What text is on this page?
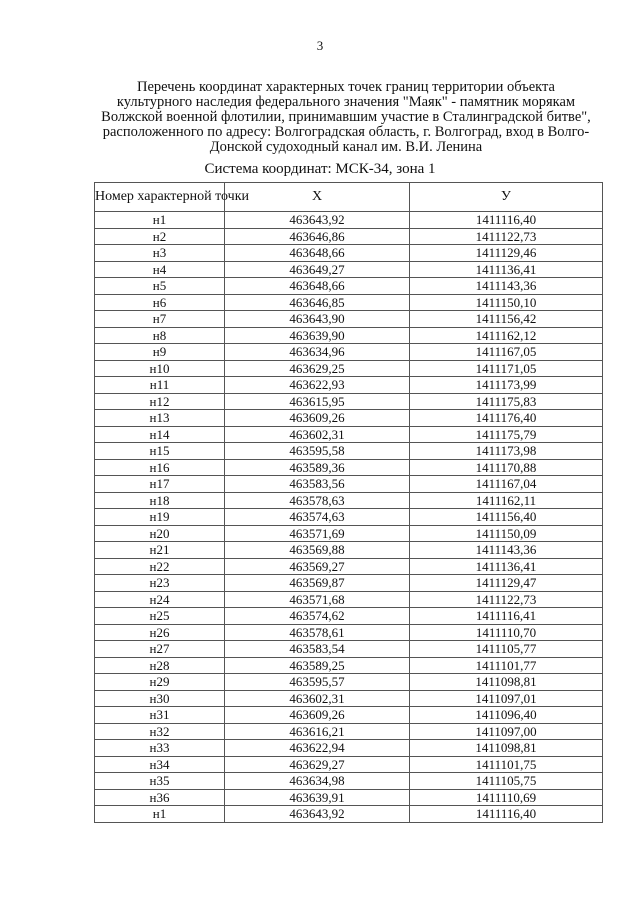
3
Перечень координат характерных точек границ территории объекта
культурного наследия федерального значения "Маяк" - памятник морякам
Волжской военной флотилии, принимавшим участие в Сталинградской битве",
расположенного по адресу: Волгоградская область, г. Волгоград, вход в Волго-
Донской судоходный канал им. В.И. Ленина
Система координат: МСК-34, зона 1
Номер характерной точки	X	У
н1	463643,92	1411116,40
н2	463646,86	1411122,73
н3	463648,66	1411129,46
н4	463649,27	1411136,41
н5	463648,66	1411143,36
н6	463646,85	1411150,10
н7	463643,90	1411156,42
н8	463639,90	1411162,12
н9	463634,96	1411167,05
н10	463629,25	1411171,05
н11	463622,93	1411173,99
н12	463615,95	1411175,83
н13	463609,26	1411176,40
н14	463602,31	1411175,79
н15	463595,58	1411173,98
н16	463589,36	1411170,88
н17	463583,56	1411167,04
н18	463578,63	1411162,11
н19	463574,63	1411156,40
н20	463571,69	1411150,09
н21	463569,88	1411143,36
н22	463569,27	1411136,41
н23	463569,87	1411129,47
н24	463571,68	1411122,73
н25	463574,62	1411116,41
н26	463578,61	1411110,70
н27	463583,54	1411105,77
н28	463589,25	1411101,77
н29	463595,57	1411098,81
н30	463602,31	1411097,01
н31	463609,26	1411096,40
н32	463616,21	1411097,00
н33	463622,94	1411098,81
н34	463629,27	1411101,75
н35	463634,98	1411105,75
н36	463639,91	1411110,69
н1	463643,92	1411116,40
